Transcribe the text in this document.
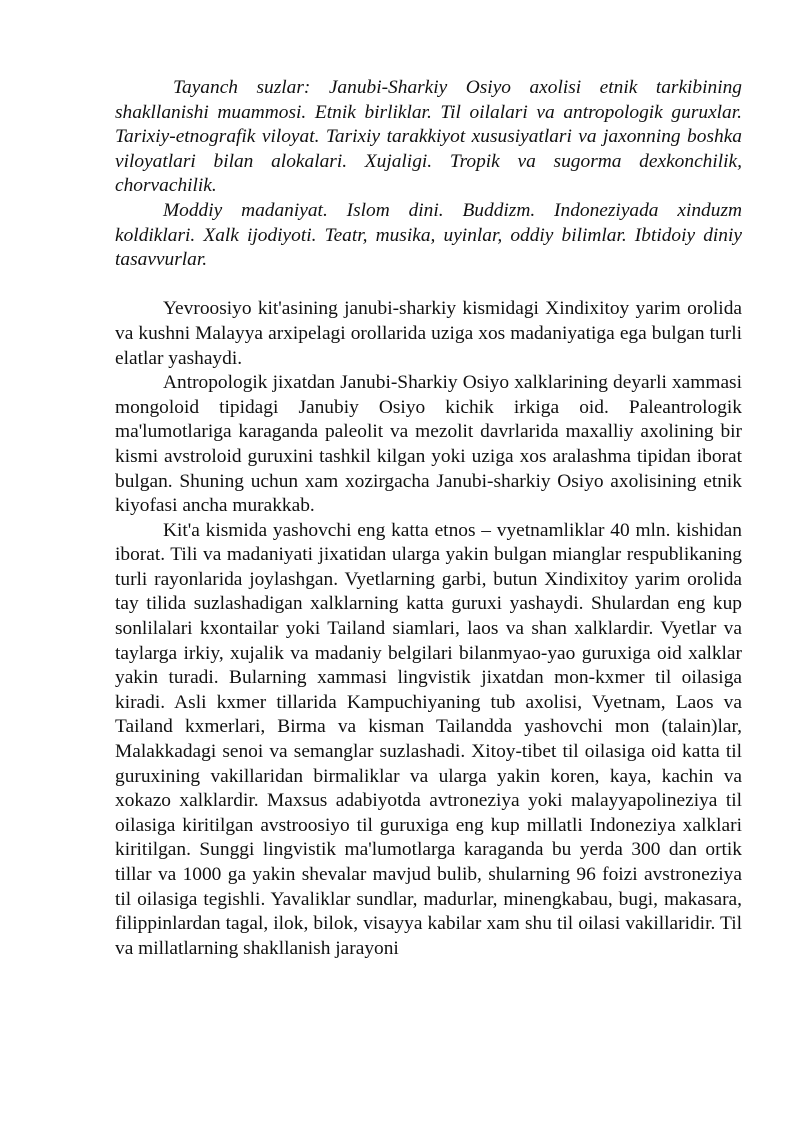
Tayanch suzlar: Janubi-Sharkiy Osiyo axolisi etnik tarkibining shakllanishi muammosi. Etnik birliklar. Til oilalari va antropologik guruxlar. Tarixiy-etnografik viloyat. Tarixiy tarakkiyot xususiyatlari va jaxonning boshka viloyatlari bilan alokalari. Xujaligi. Tropik va sugorma dexkonchilik, chorvachilik.

Moddiy madaniyat. Islom dini. Buddizm. Indoneziyada xinduzm koldiklari. Xalk ijodiyoti. Teatr, musika, uyinlar, oddiy bilimlar. Ibtidoiy diniy tasavvurlar.

Yevroosiyo kit'asining janubi-sharkiy kismidagi Xindixitoy yarim orolida va kushni Malayya arxipelagi orollarida uziga xos madaniyatiga ega bulgan turli elatlar yashaydi.

Antropologik jixatdan Janubi-Sharkiy Osiyo xalklarining deyarli xammasi mongoloid tipidagi Janubiy Osiyo kichik irkiga oid. Paleantrologik ma'lumotlariga karaganda paleolit va mezolit davrlarida maxalliy axolining bir kismi avstroloid guruxini tashkil kilgan yoki uziga xos aralashma tipidan iborat bulgan. Shuning uchun xam xozirgacha Janubi-sharkiy Osiyo axolisining etnik kiyofasi ancha murakkab.

Kit'a kismida yashovchi eng katta etnos – vyetnamliklar 40 mln. kishidan iborat. Tili va madaniyati jixatidan ularga yakin bulgan mianglar respublikaning turli rayonlarida joylashgan. Vyetlarning garbi, butun Xindixitoy yarim orolida tay tilida suzlashadigan xalklarning katta guruxi yashaydi. Shulardan eng kup sonlilalari kxontailar yoki Tailand siamlari, laos va shan xalklardir. Vyetlar va taylarga irkiy, xujalik va madaniy belgilari bilanmyao-yao guruxiga oid xalklar yakin turadi. Bularning xammasi lingvistik jixatdan mon-kxmer til oilasiga kiradi. Asli kxmer tillarida Kampuchiyaning tub axolisi, Vyetnam, Laos va Tailand kxmerlari, Birma va kisman Tailandda yashovchi mon (talain)lar, Malakkadagi senoi va semanglar suzlashadi. Xitoy-tibet til oilasiga oid katta til guruxining vakillaridan birmaliklar va ularga yakin koren, kaya, kachin va xokazo xalklardir. Maxsus adabiyotda avtroneziya yoki malayyapolineziya til oilasiga kiritilgan avstroosiyo til guruxiga eng kup millatli Indoneziya xalklari kiritilgan. Sunggi lingvistik ma'lumotlarga karaganda bu yerda 300 dan ortik tillar va 1000 ga yakin shevalar mavjud bulib, shularning 96 foizi avstroneziya til oilasiga tegishli. Yavaliklar sundlar, madurlar, minengkabau, bugi, makasara, filippinlardan tagal, ilok, bilok, visayya kabilar xam shu til oilasi vakillaridir. Til va millatlarning shakllanish jarayoni
